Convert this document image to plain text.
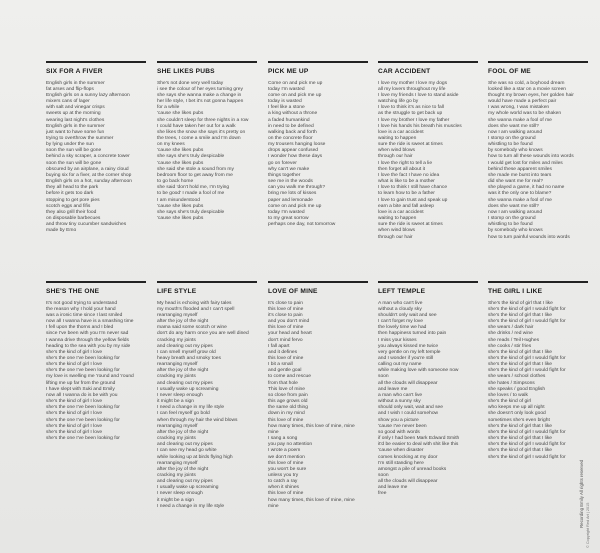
SIX FOR A FIVER
English girls in the summer
fat arses and flip-flops
English girls on a sunny lazy afternoon
mixers cans of lager
with salt and vinegar crisps
sweets up at the morning
wearing last night's clothes
English girls in the summer
just want to have some fun
trying to overthrow the summer
by lying under the sun
soon the sun will be gone
behind a sky scraper, a concrete tower
soon the sun will be gone
obscured by an airplane, a rainy cloud
buying six for a fiver, at the corner shop
English girls on a hot, sunday afternoon
they all head to the park
before it gets too dark
stopping to get pore pies
scotch eggs and fifis
they also grill their food
on disposable barbecues
and throw tiny cucumber sandwiches
made by Emo
SHE LIKES PUBS
She's not done very well today
i see the colour of her eyes turning grey
she says she wanna make a change in
her life style, I bet it's not gonna happen
for a while
'cause she likes pubs
she couldn't sleep for three nights in a row
I could have taken her out for a walk
she likes the snow she says it's pretty on
the trees, I come a smile and I'm down
on my knees
'cause she likes pubs
she says she's truly despicable
'cause she likes pubs
she said she stole a sound from my
bedroom floor to get away from me
to go back home
she said 'don't hold me, I'm trying
to be good' I made a fool of me
I am misunderstood
'cause she likes pubs
she says she's truly despicable
'cause she likes pubs
PICK ME UP
Come on and pick me up
today I'm wasted
come on and pick me up
today is wasted
I feel like a stone
a king without a throne
a faded humankind
in need to be defined
walking back and forth
on the concrete floor
my trousers hanging loose
drops appear confused
I wonder how these days
go on forever
why can't we make
things together
see me in the woods
can you walk me through?
bring me lots of kisses
paper and lemonade
come on and pick me up
today I'm wasted
to my great sorrow
perhaps one day, not tomorrow
CAR ACCIDENT
I love my mother I love my dogs
all my lovers throughout my life
I love my friends I love to stand aside
watching life go by
I love to think it's as nice to fall
as the struggle to get back up
I love my brother I love my father
I love his hands his breath his muscles
love is a car accident
waiting to happen
sure the ride is sweet at times
when wind blows
through our hair
I love the right to tell a lie
then forget all about it
I love the fact I have no idea
what is like to be a mother
I love to think I still have chance
to learn how to be a father
I love to gain trust and speak up
earn a bite and fall asleep
love is a car accident
waiting to happen
sure the ride is sweet at times
when wind blows
through our hair
FOOL OF ME
She was so cold, a boyhood dream
looked like a star on a movie screen
thought my brown eyes, her golden hair
would have made a perfect pair
I was wrong, I was mistaken
my whole world was to be shaken
she wanna make a fool of me
does she want me still?
now I am walking around
I stomp on the ground
whistling to be found
by somebody who knows
how to turn all these wounds into words
I would get lost for miles and miles
behind these apparent smiles
she made me burst into tears
did she want me for real?
she played a game, it had no name
was it the only one to blame?
she wanna make a fool of me
does she want me still?
now I am walking around
I stomp on the ground
whistling to be found
by somebody who knows
how to turn painful wounds into words
SHE'S THE ONE
It's not good trying to understand
the reason why I hold your hand
was a ironic time since I last smiled
now all I wanna have is a smashing time
I fell upon the thorns and I bled
since I've been with you I'm never sad
I wanna drive through the yellow fields
heading to the sea with you by my side
she's the kind of girl I love
she's the one I've been looking for
she's the kind of girl I love
she's the one I've been looking for
my love is swelling me 'round and 'round
lifting me up far from the ground
I have slept with Suki and Emily
now all I wanna do is be with you
she's the kind of girl I love
she's the one I've been looking for
she's the kind of girl I love
she's the one I've been looking for
she's the kind of girl I love
she's the kind of girl I love
she's the one I've been looking for
LIFE STYLE
My head is echoing with fairy tales
my mouth's flooded and I can't spell
rearranging myself
after the joy of the night
mama said some scotch or wine
don't do any harm once you are well dined
cracking my joints
and clearing out my pipes
I can smell myself grow old
heavy breath and smoky toes
rearranging myself
after the joy of the night
cracking my joints
and clearing out my pipes
I usually wake up screaming
I never sleep enough
it might be a sign
I need a change in my life style
I can feel myself go bold
when through my hair the wind blows
rearranging myself
after the joy of the night
cracking my joints
and clearing out my pipes
I can see my head go white
while looking up at birds flying high
rearranging myself
after the joy of the night
cracking my joints
and clearing out my pipes
I usually wake up screaming
I never sleep enough
it might be a sign
I need a change in my life style
LOVE OF MINE
It's close to pain
this love of mine
it's close to pain
and you don't mind
this love of mine
your head and heart
don't mind fervo
I fall apart
and it defines
this love of mine
I bit a small
and gentle goal
to come and rescue
from that hole
This love of mine
so close from pain
this age grows old
the same old thing
down in my mind
this love of mine
how many times, this love of mine, mine
mine
I sang a song
you pay no attention
I wrote a poem
we don't mention
this love of mine
you won't be sure
unless you try
to catch a ray
when it shines
this love of mine
how many times, this love of mine, mine
mine
LEFT TEMPLE
A man who can't live
without a cloudy sky
shouldn't only wait and see
I can't forget my love
the lovely time we had
then happiness turned into pain
I miss your kisses
you always kissed me twice
very gentle on my left temple
and I wonder if you're still
calling out my name
while making love with someone now
soon
all the clouds will disappear
and leave me
a man who can't live
without a sunny sky
should only wait, wait and see
and I wish I could somehow
show you a picture
'cause I've never been
so good with words
if only I had been Mark Edward Smith
it'd be easier to deal with shit like this
'cause when disaster
comes knocking at my door
I'm still standing here
amongst a pile of unread books
soon
all the clouds will disappear
and leave me
free
THE GIRL I LIKE
She's the kind of girl that I like
she's the kind of girl I would fight for
she's the kind of girl that I like
she's the kind of girl I would fight for
she wears / dark hair
she drinks / red wine
she reads / Teil Hughes
she cooks / stir fries
she's the kind of girl that I like
she's the kind of girl I would fight for
she's the kind of girl that I like
she's the kind of girl I would fight for
she wears / school clothes
she hates / Simpsons
she speaks / good English
she loves / to walk
she's the kind of girl
who keeps me up all night
she doesn't only look good
sometimes she's even bright
she's the kind of girl that I like
she's the kind of girl I would fight for
she's the kind of girl that I like
she's the kind of girl I would fight for
she's the kind of girl that I like
she's the kind of girl I would fight for
Recording Emily All rights reserved
© Copyright Red Art | 2015
